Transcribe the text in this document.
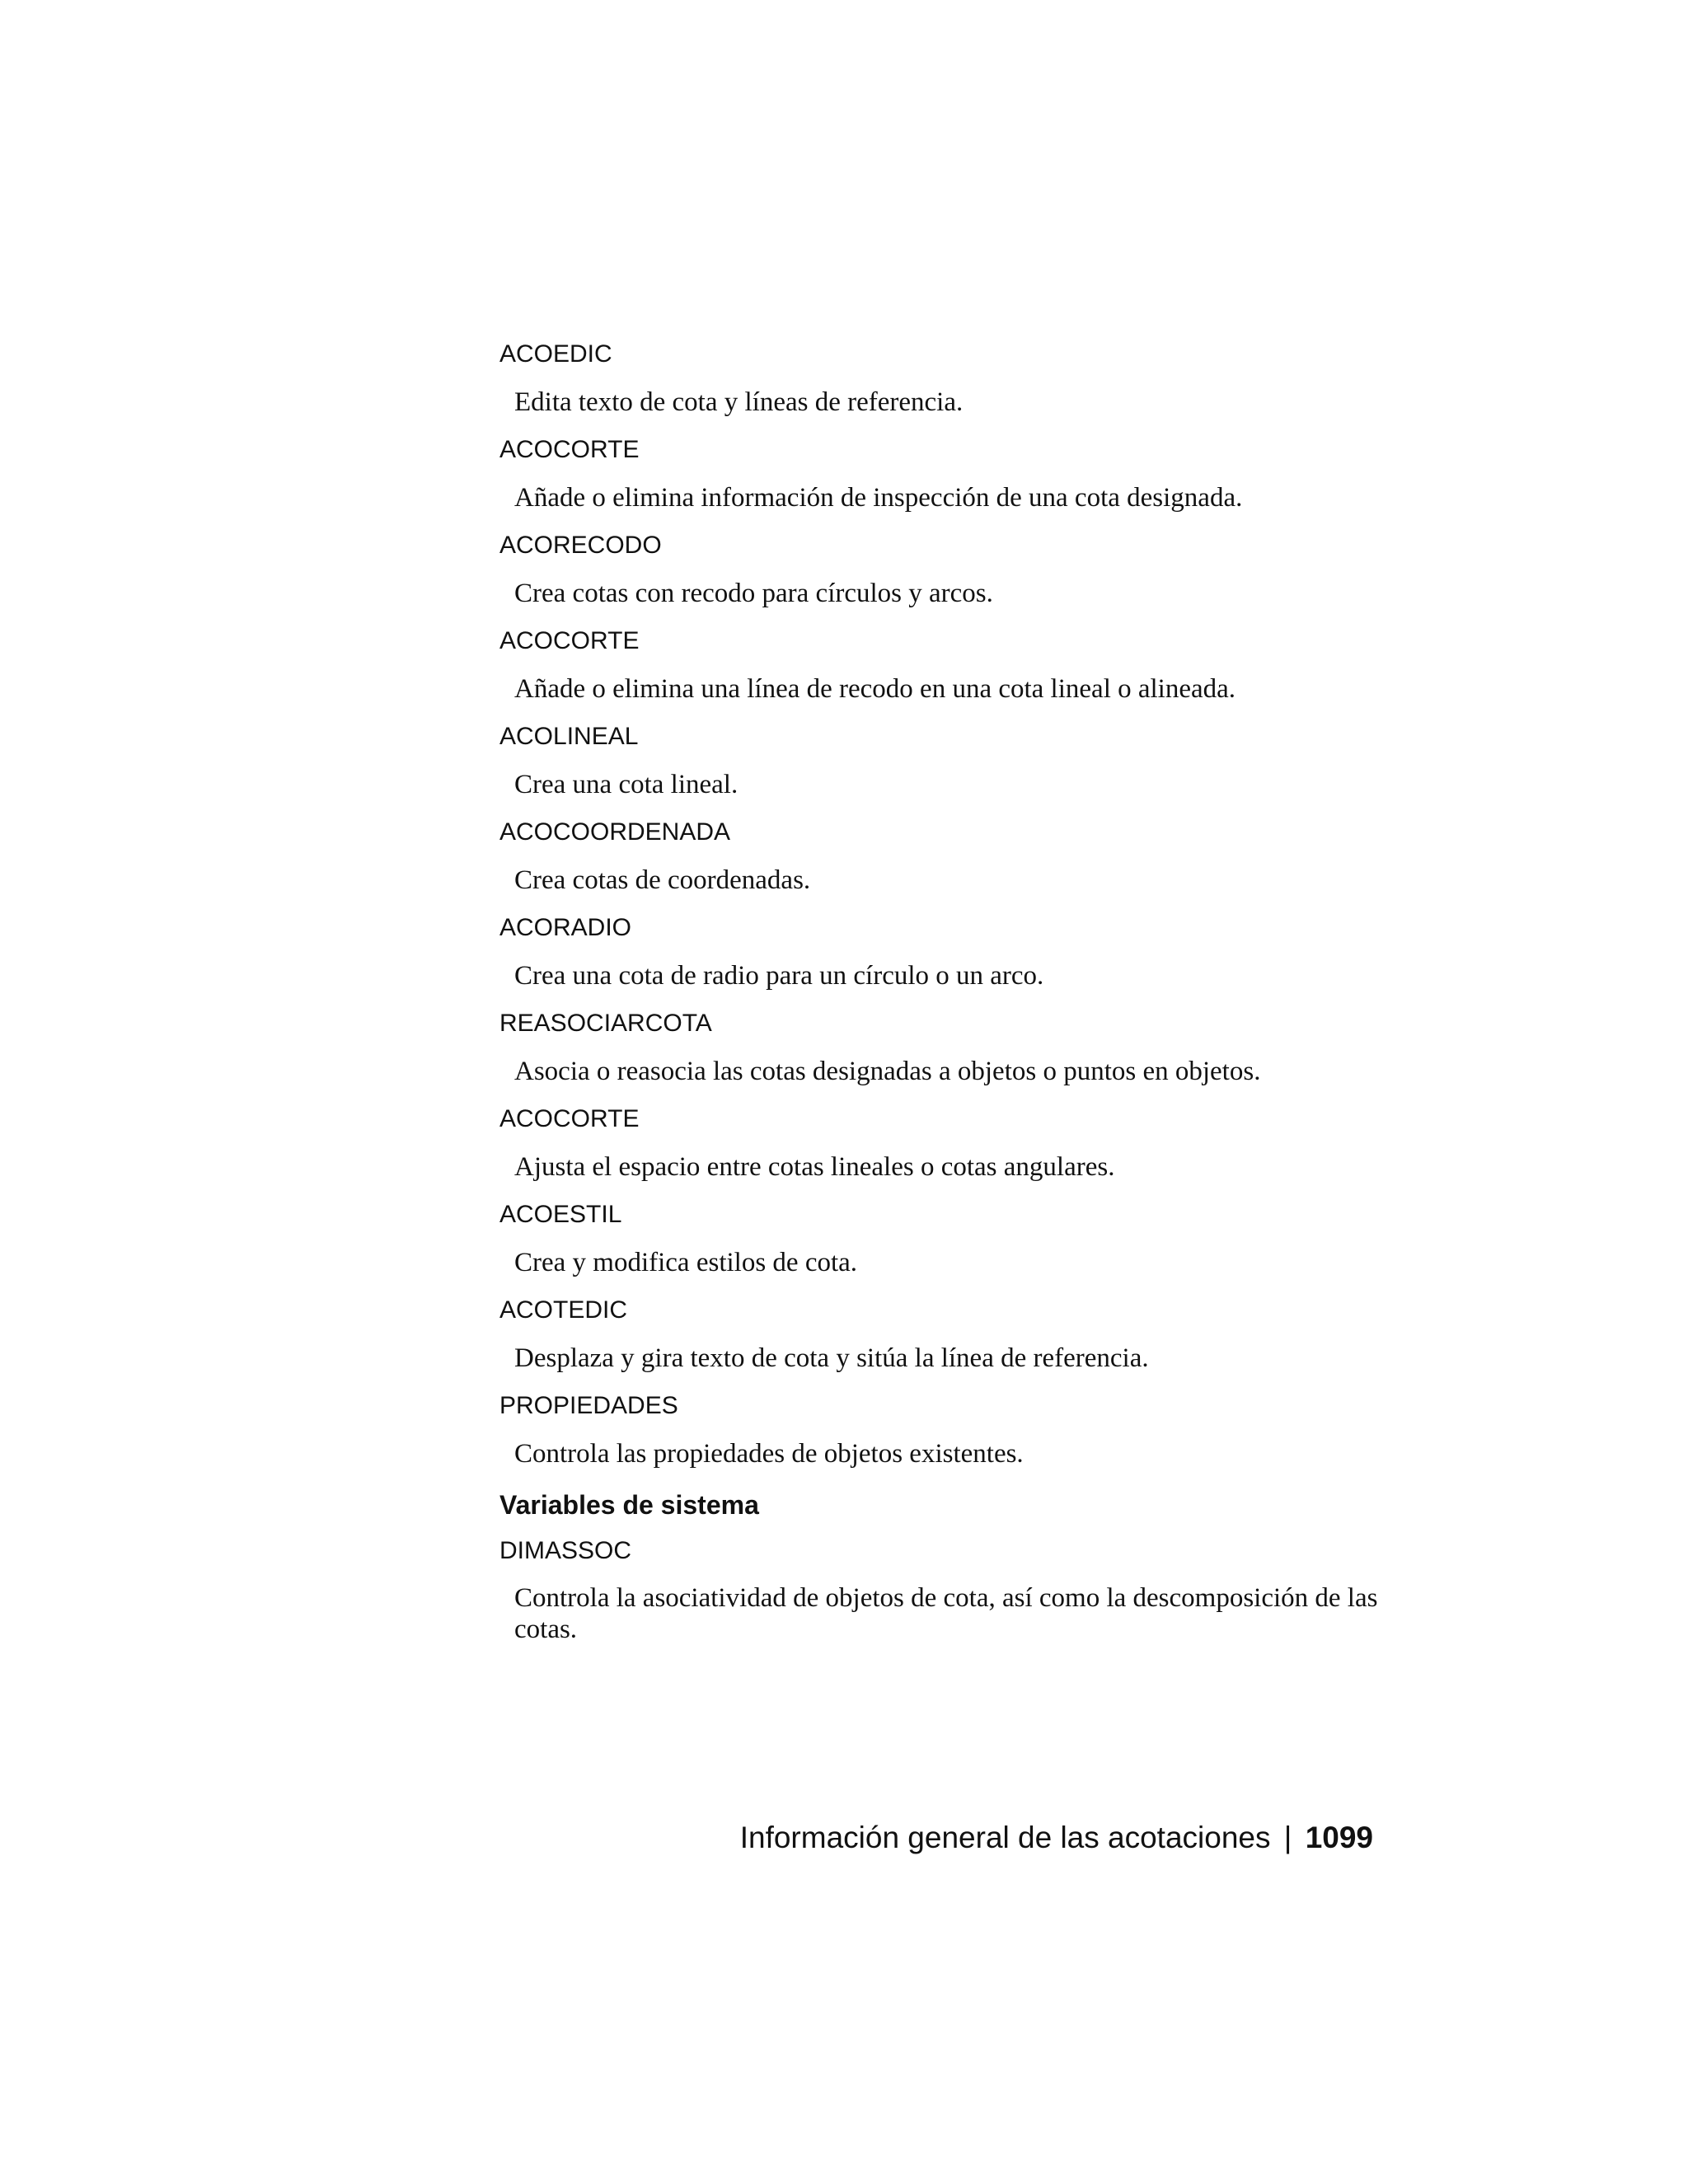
ACOEDIC
Edita texto de cota y líneas de referencia.
ACOCORTE
Añade o elimina información de inspección de una cota designada.
ACORECODO
Crea cotas con recodo para círculos y arcos.
ACOCORTE
Añade o elimina una línea de recodo en una cota lineal o alineada.
ACOLINEAL
Crea una cota lineal.
ACOCOORDENADA
Crea cotas de coordenadas.
ACORADIO
Crea una cota de radio para un círculo o un arco.
REASOCIARCOTA
Asocia o reasocia las cotas designadas a objetos o puntos en objetos.
ACOCORTE
Ajusta el espacio entre cotas lineales o cotas angulares.
ACOESTIL
Crea y modifica estilos de cota.
ACOTEDIC
Desplaza y gira texto de cota y sitúa la línea de referencia.
PROPIEDADES
Controla las propiedades de objetos existentes.
Variables de sistema
DIMASSOC
Controla la asociatividad de objetos de cota, así como la descomposición de las cotas.
Información general de las acotaciones | 1099
